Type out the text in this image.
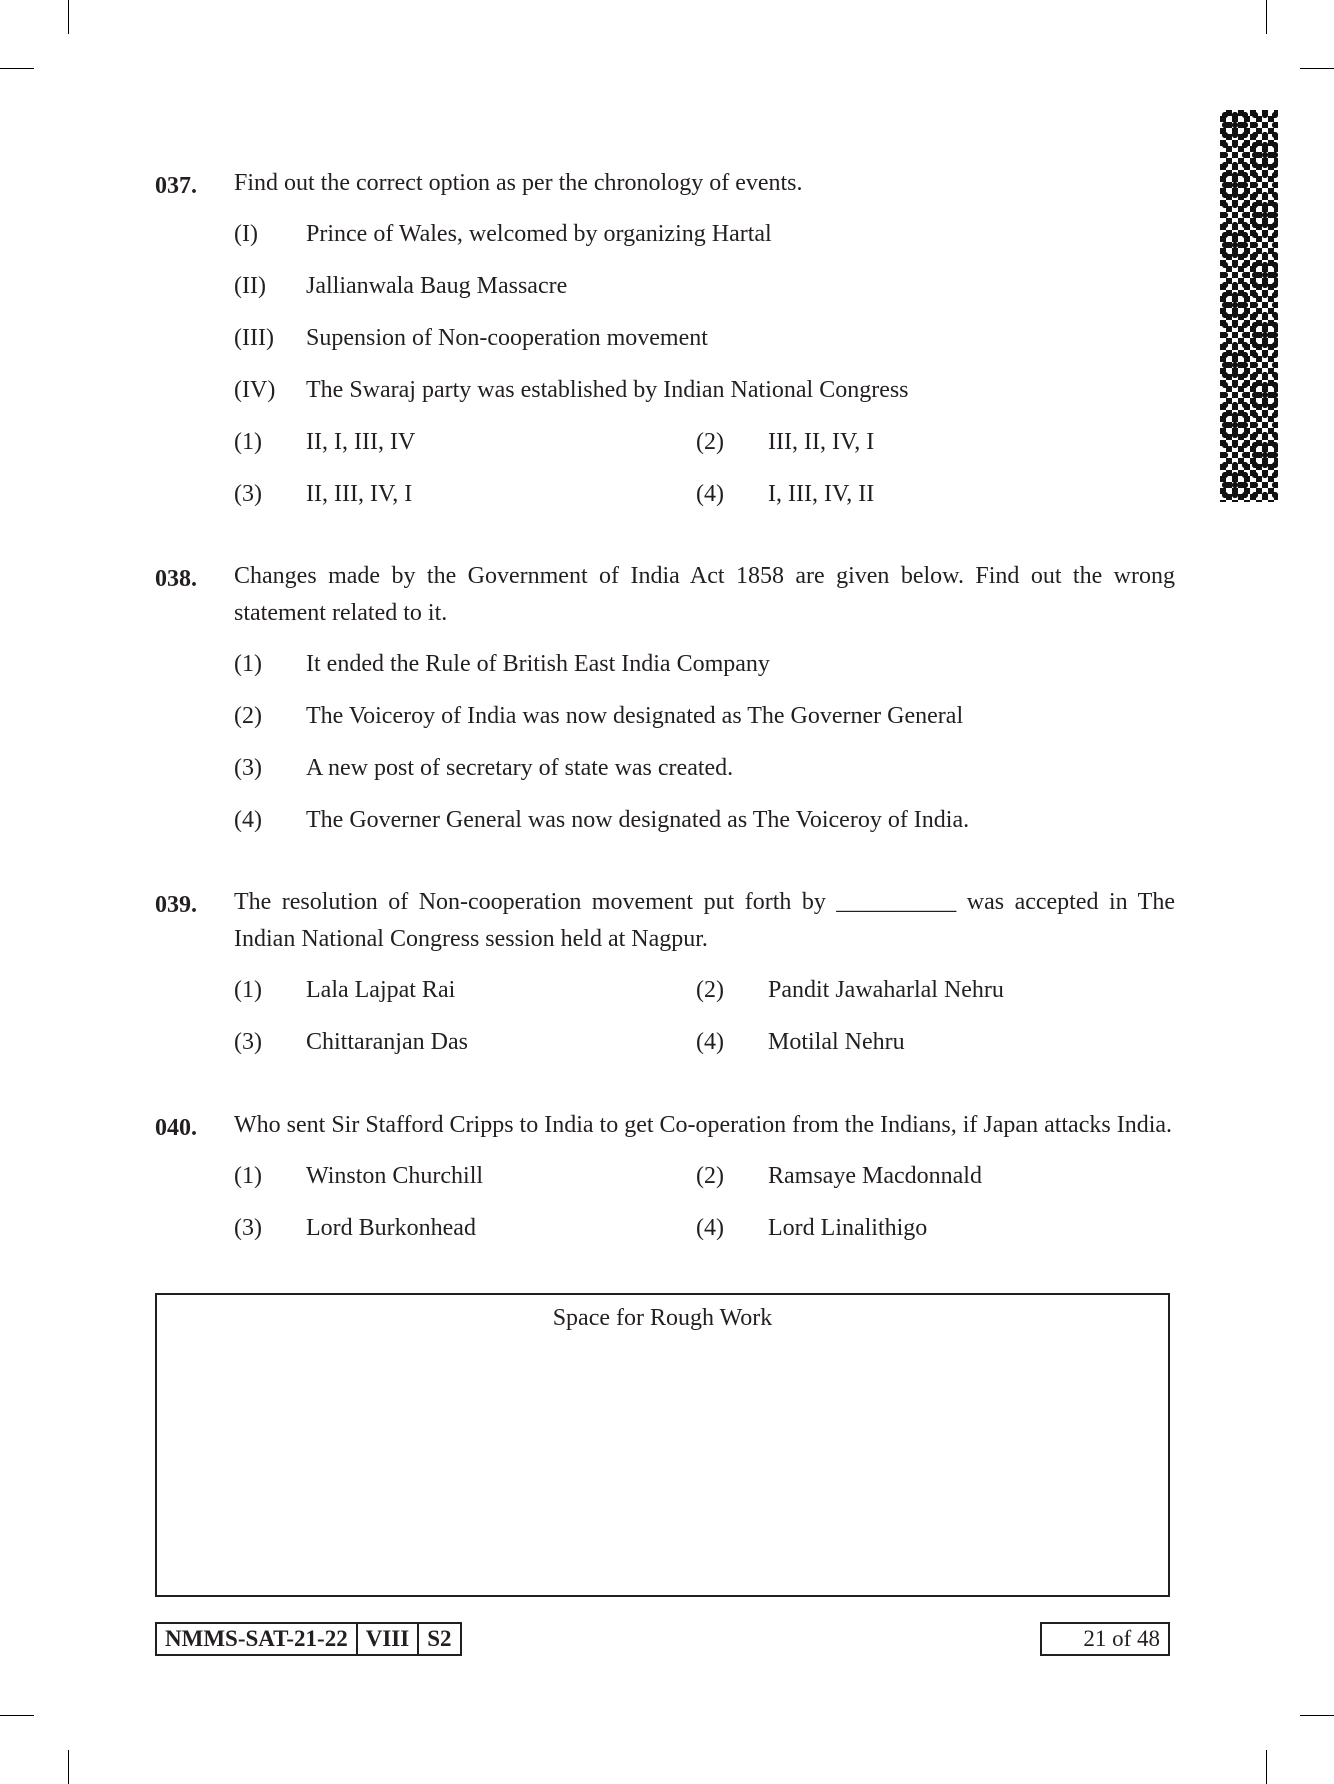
037. Find out the correct option as per the chronology of events.
(I)	Prince of Wales, welcomed by organizing Hartal
(II)	Jallianwala Baug Massacre
(III)	Supension of Non-cooperation movement
(IV)	The Swaraj party was established by Indian National Congress
(1)	II, I, III, IV	(2)	III, II, IV, I
(3)	II, III, IV, I	(4)	I, III, IV, II
038. Changes made by the Government of India Act 1858 are given below. Find out the wrong statement related to it.
(1)	It ended the Rule of British East India Company
(2)	The Voiceroy of India was now designated as The Governer General
(3)	A new post of secretary of state was created.
(4)	The Governer General was now designated as The Voiceroy of India.
039. The resolution of Non-cooperation movement put forth by __________ was accepted in The Indian National Congress session held at Nagpur.
(1)	Lala Lajpat Rai	(2)	Pandit Jawaharlal Nehru
(3)	Chittaranjan Das	(4)	Motilal Nehru
040. Who sent Sir Stafford Cripps to India to get Co-operation from the Indians, if Japan attacks India.
(1)	Winston Churchill	(2)	Ramsaye Macdonnald
(3)	Lord Burkonhead	(4)	Lord Linalithigo
Space for Rough Work
NMMS-SAT-21-22 VIII S2	21 of 48
